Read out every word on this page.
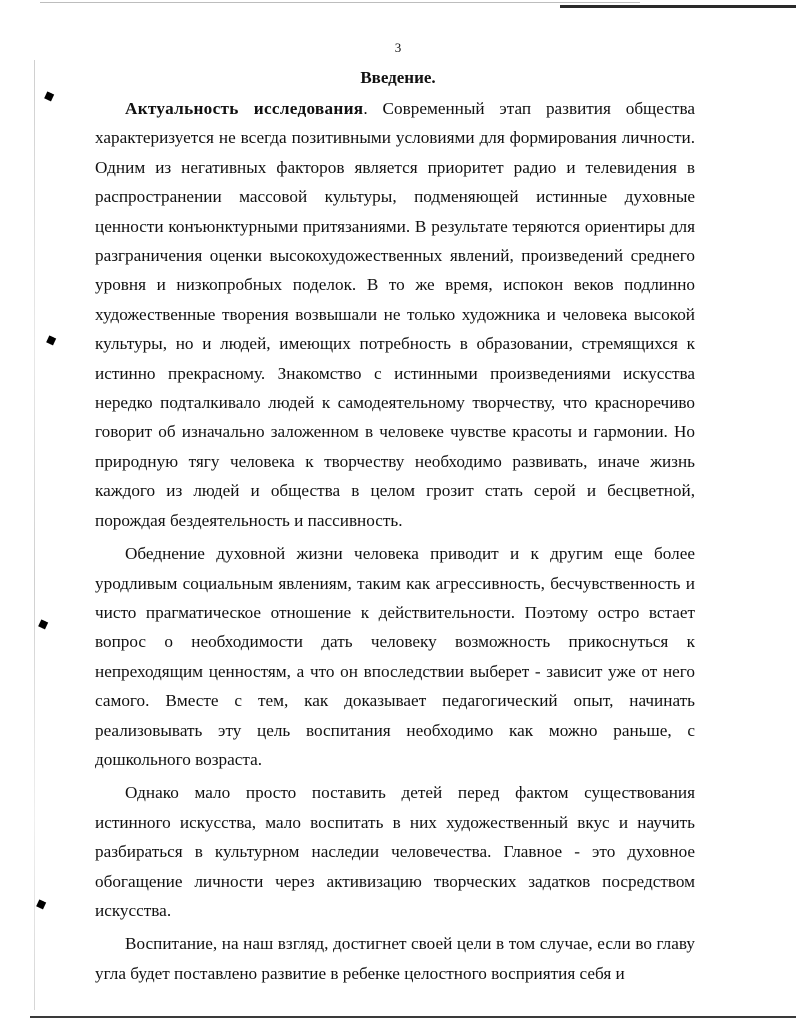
◆
◆
◆
◆
3
Введение.

Актуальность исследования. Современный этап развития общества характеризуется не всегда позитивными условиями для формирования личности. Одним из негативных факторов является приоритет радио и телевидения в распространении массовой культуры, подменяющей истинные духовные ценности конъюнктурными притязаниями. В результате теряются ориентиры для разграничения оценки высокохудожественных явлений, произведений среднего уровня и низкопробных поделок. В то же время, испокон веков подлинно художественные творения возвышали не только художника и человека высокой культуры, но и людей, имеющих потребность в образовании, стремящихся к истинно прекрасному. Знакомство с истинными произведениями искусства нередко подталкивало людей к самодеятельному творчеству, что красноречиво говорит об изначально заложенном в человеке чувстве красоты и гармонии. Но природную тягу человека к творчеству необходимо развивать, иначе жизнь каждого из людей и общества в целом грозит стать серой и бесцветной, порождая бездеятельность и пассивность.

Обеднение духовной жизни человека приводит и к другим еще более уродливым социальным явлениям, таким как агрессивность, бесчувственность и чисто прагматическое отношение к действительности. Поэтому остро встает вопрос о необходимости дать человеку возможность прикоснуться к непреходящим ценностям, а что он впоследствии выберет - зависит уже от него самого. Вместе с тем, как доказывает педагогический опыт, начинать реализовывать эту цель воспитания необходимо как можно раньше, с дошкольного возраста.

Однако мало просто поставить детей перед фактом существования истинного искусства, мало воспитать в них художественный вкус и научить разбираться в культурном наследии человечества. Главное - это духовное обогащение личности через активизацию творческих задатков посредством искусства.

Воспитание, на наш взгляд, достигнет своей цели в том случае, если во главу угла будет поставлено развитие в ребенке целостного восприятия себя и
